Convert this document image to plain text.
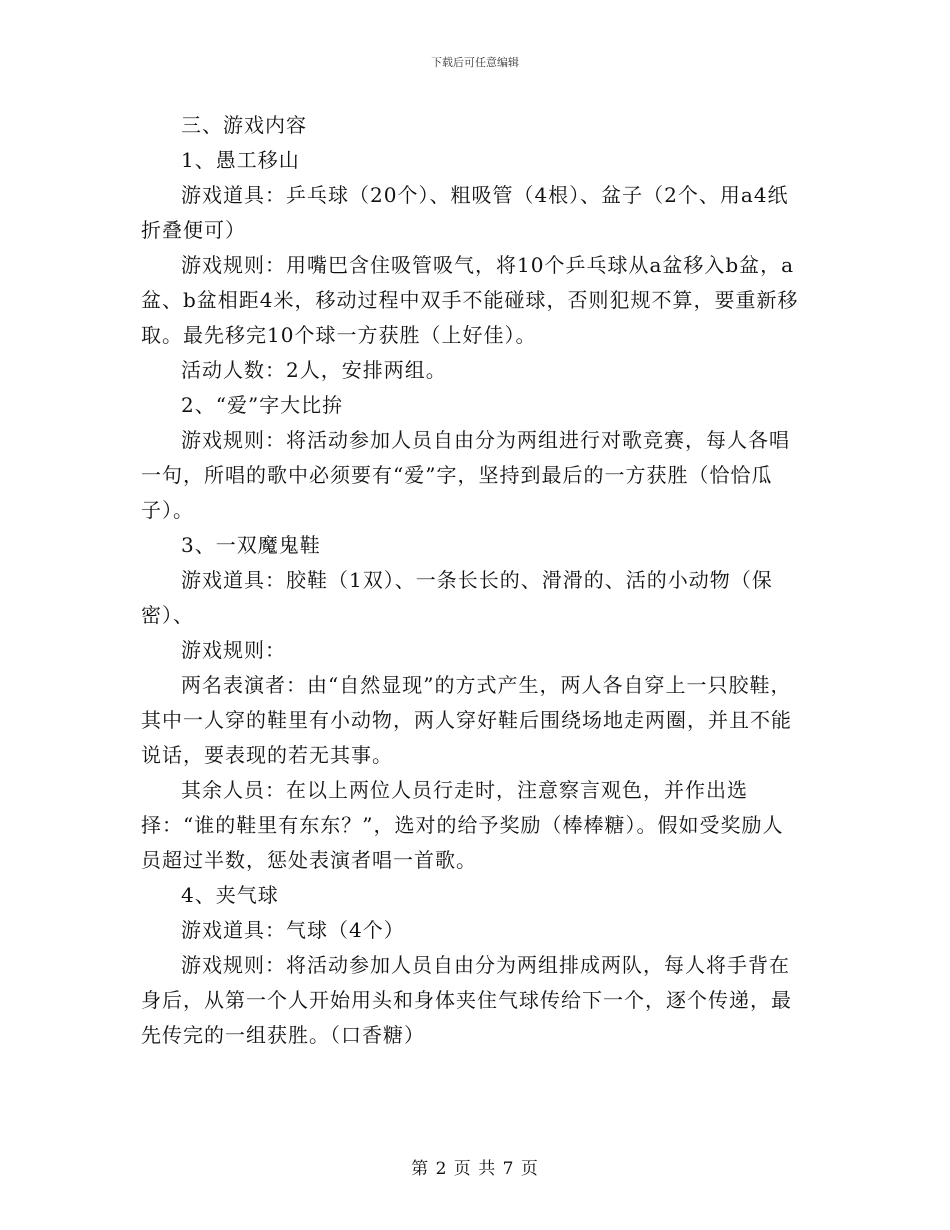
下载后可任意编辑

三、游戏内容

1、愚工移山

游戏道具：乒乓球（20个）、粗吸管（4根）、盆子（2个、用a4纸折叠便可）

游戏规则：用嘴巴含住吸管吸气，将10个乒乓球从a盆移入b盆，a盆、b盆相距4米，移动过程中双手不能碰球，否则犯规不算，要重新移取。最先移完10个球一方获胜（上好佳）。

活动人数：2人，安排两组。

2、“爱”字大比拚

游戏规则：将活动参加人员自由分为两组进行对歌竞赛，每人各唱一句，所唱的歌中必须要有“爱”字，坚持到最后的一方获胜（恰恰瓜子）。

3、一双魔鬼鞋

游戏道具：胶鞋（1双）、一条长长的、滑滑的、活的小动物（保密）、

游戏规则：

两名表演者：由“自然显现”的方式产生，两人各自穿上一只胶鞋，其中一人穿的鞋里有小动物，两人穿好鞋后围绕场地走两圈，并且不能说话，要表现的若无其事。

其余人员：在以上两位人员行走时，注意察言观色，并作出选择：“谁的鞋里有东东？”，选对的给予奖励（棒棒糖）。假如受奖励人员超过半数，惩处表演者唱一首歌。

4、夹气球

游戏道具：气球（4个）

游戏规则：将活动参加人员自由分为两组排成两队，每人将手背在身后，从第一个人开始用头和身体夹住气球传给下一个，逐个传递，最先传完的一组获胜。（口香糖）

第 2 页 共 7 页
